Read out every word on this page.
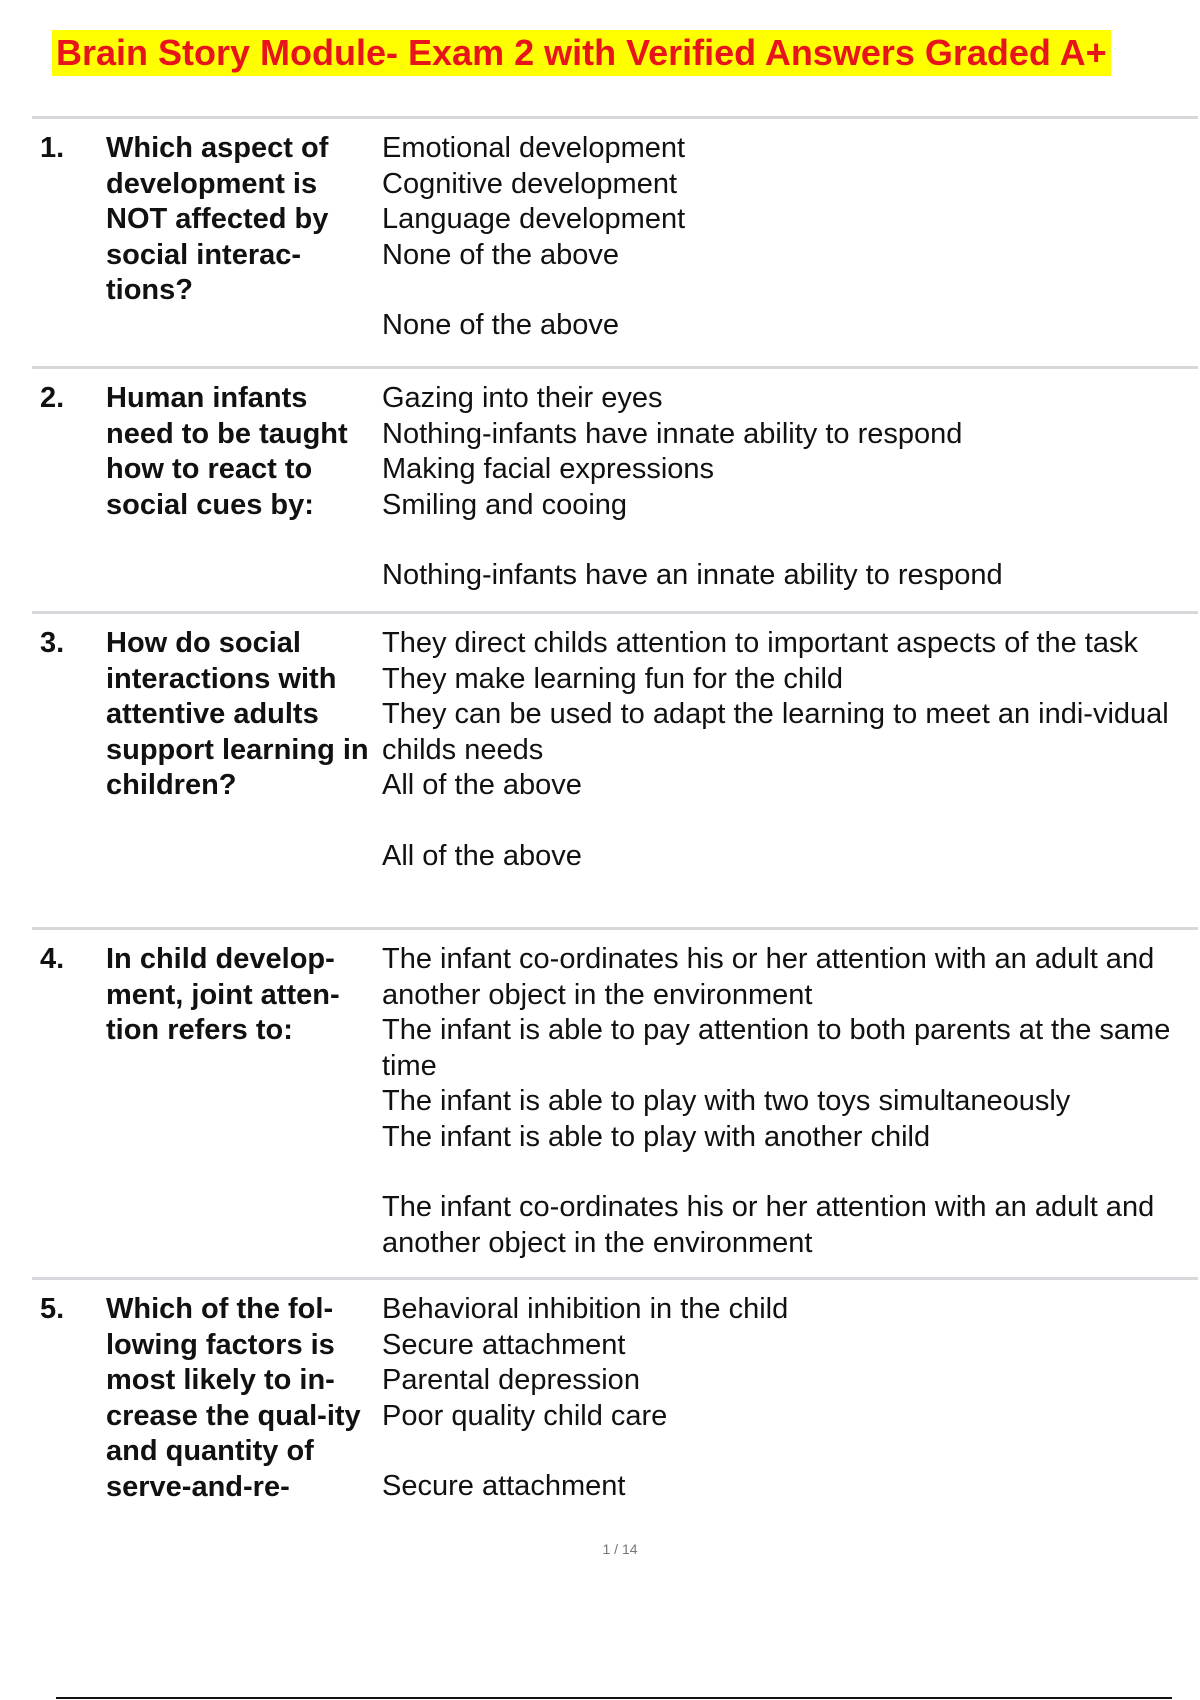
Brain Story Module- Exam 2 with Verified Answers Graded A+
1.	Which aspect of development is NOT affected by social interac-tions?
Emotional development
Cognitive development
Language development
None of the above
None of the above
2.	Human infants need to be taught how to react to social cues by:
Gazing into their eyes
Nothing-infants have innate ability to respond
Making facial expressions
Smiling and cooing
Nothing-infants have an innate ability to respond
3.	How do social interactions with attentive adults support learning in children?
They direct childs attention to important aspects of the task
They make learning fun for the child
They can be used to adapt the learning to meet an indi-vidual childs needs
All of the above
All of the above
4.	In child develop-ment, joint atten-tion refers to:
The infant co-ordinates his or her attention with an adult and another object in the environment
The infant is able to pay attention to both parents at the same time
The infant is able to play with two toys simultaneously
The infant is able to play with another child
The infant co-ordinates his or her attention with an adult and another object in the environment
5.	Which of the fol-lowing factors is most likely to in-crease the qual-ity and quantity of serve-and-re-
Behavioral inhibition in the child
Secure attachment
Parental depression
Poor quality child care
Secure attachment
1 / 14
